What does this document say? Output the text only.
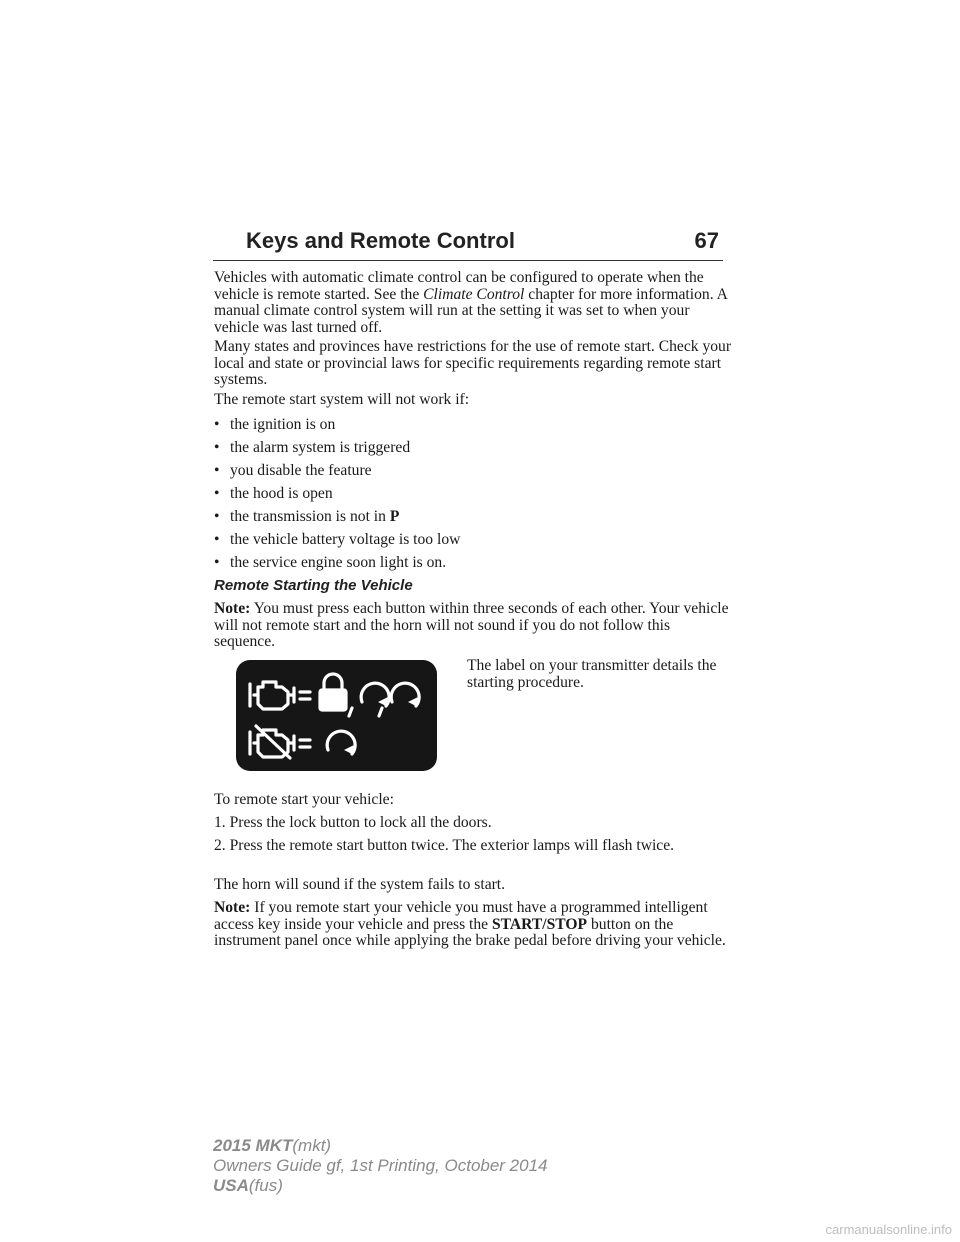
Keys and Remote Control	67

Vehicles with automatic climate control can be configured to operate when the vehicle is remote started. See the Climate Control chapter for more information. A manual climate control system will run at the setting it was set to when your vehicle was last turned off.

Many states and provinces have restrictions for the use of remote start. Check your local and state or provincial laws for specific requirements regarding remote start systems.

The remote start system will not work if:

• the ignition is on
• the alarm system is triggered
• you disable the feature
• the hood is open
• the transmission is not in P
• the vehicle battery voltage is too low
• the service engine soon light is on.
Remote Starting the Vehicle

Note: You must press each button within three seconds of each other. Your vehicle will not remote start and the horn will not sound if you do not follow this sequence.

The label on your transmitter details the starting procedure.

To remote start your vehicle:

1. Press the lock button to lock all the doors.

2. Press the remote start button twice. The exterior lamps will flash twice.

The horn will sound if the system fails to start.

Note: If you remote start your vehicle you must have a programmed intelligent access key inside your vehicle and press the START/STOP button on the instrument panel once while applying the brake pedal before driving your vehicle.

2015 MKT(mkt)
Owners Guide gf, 1st Printing, October 2014
USA(fus)
carmanualsonline.info
